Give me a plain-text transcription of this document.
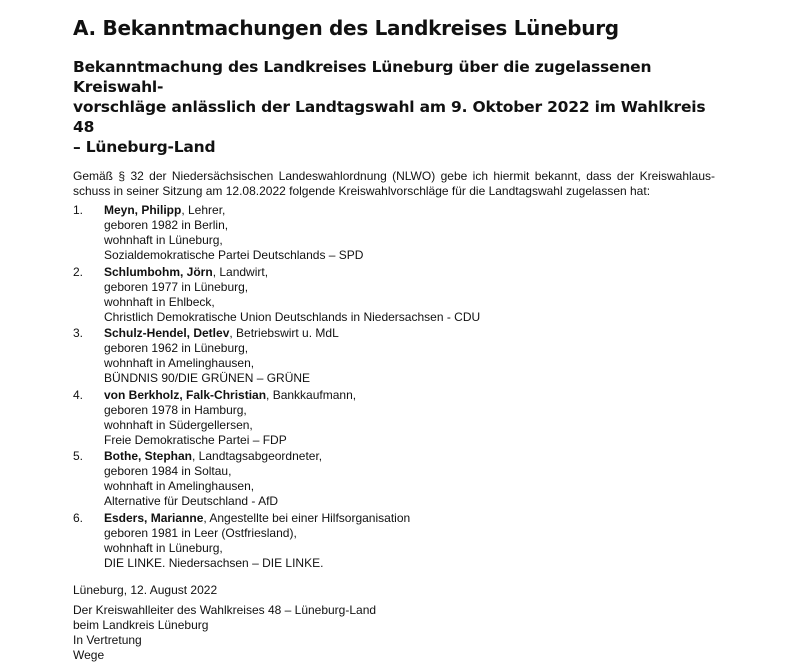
A. Bekanntmachungen des Landkreises Lüneburg
Bekanntmachung des Landkreises Lüneburg über die zugelassenen Kreiswahl-
vorschläge anlässlich der Landtagswahl am 9. Oktober 2022 im Wahlkreis 48
– Lüneburg-Land

Gemäß § 32 der Niedersächsischen Landeswahlordnung (NLWO) gebe ich hiermit bekannt, dass der Kreiswahlaus-
schuss in seiner Sitzung am 12.08.2022 folgende Kreiswahlvorschläge für die Landtagswahl zugelassen hat:

1.	Meyn, Philipp, Lehrer,
geboren 1982 in Berlin,
wohnhaft in Lüneburg,
Sozialdemokratische Partei Deutschlands – SPD
2.	Schlumbohm, Jörn, Landwirt,
geboren 1977 in Lüneburg,
wohnhaft in Ehlbeck,
Christlich Demokratische Union Deutschlands in Niedersachsen - CDU
3.	Schulz-Hendel, Detlev, Betriebswirt u. MdL
geboren 1962 in Lüneburg,
wohnhaft in Amelinghausen,
BÜNDNIS 90/DIE GRÜNEN – GRÜNE
4.	von Berkholz, Falk-Christian, Bankkaufmann,
geboren 1978 in Hamburg,
wohnhaft in Südergellersen,
Freie Demokratische Partei – FDP
5.	Bothe, Stephan, Landtagsabgeordneter,
geboren 1984 in Soltau,
wohnhaft in Amelinghausen,
Alternative für Deutschland - AfD
6.	Esders, Marianne, Angestellte bei einer Hilfsorganisation
geboren 1981 in Leer (Ostfriesland),
wohnhaft in Lüneburg,
DIE LINKE. Niedersachsen – DIE LINKE.
Lüneburg, 12. August 2022
Der Kreiswahlleiter des Wahlkreises 48 – Lüneburg-Land
beim Landkreis Lüneburg
In Vertretung
Wege
